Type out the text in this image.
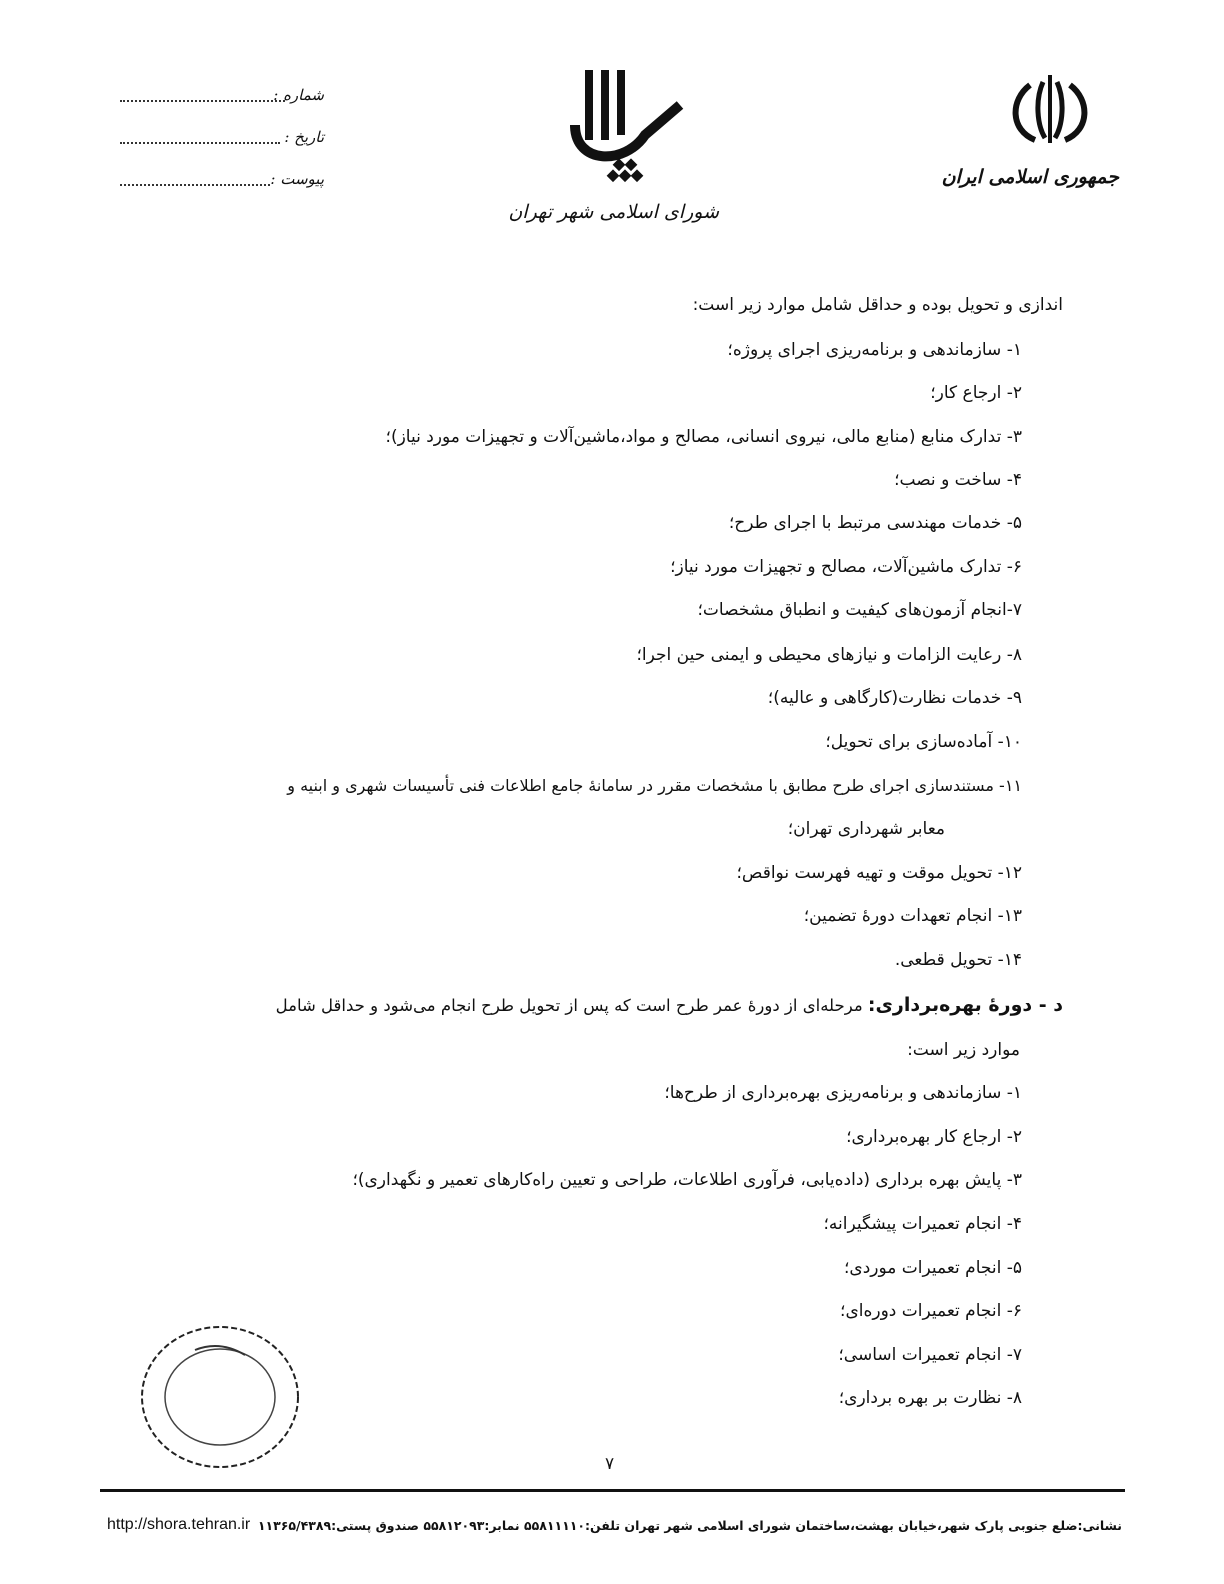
جمهوری اسلامی ایران
شورای اسلامی شهر تهران
شماره :
تاریخ :
پیوست :
اندازی و تحویل بوده و حداقل شامل موارد زیر است:
۱- سازماندهی و برنامه‌ریزی اجرای پروژه؛
۲- ارجاع کار؛
۳- تدارک منابع (منابع مالی، نیروی انسانی، مصالح و مواد،ماشین‌آلات و تجهیزات مورد نیاز)؛
۴- ساخت و نصب؛
۵- خدمات مهندسی مرتبط با اجرای طرح؛
۶- تدارک ماشین‌آلات، مصالح و تجهیزات مورد نیاز؛
۷-انجام آزمون‌های کیفیت و انطباق مشخصات؛
۸- رعایت الزامات و نیازهای محیطی و ایمنی حین اجرا؛
۹- خدمات نظارت(کارگاهی و عالیه)؛
۱۰- آماده‌سازی برای تحویل؛
۱۱- مستندسازی اجرای طرح مطابق با مشخصات مقرر در سامانهٔ جامع اطلاعات فنی تأسیسات شهری و ابنیه و
معابر شهرداری تهران؛
۱۲- تحویل موقت و تهیه فهرست نواقص؛
۱۳- انجام تعهدات دورهٔ تضمین؛
۱۴- تحویل قطعی.
د - دورهٔ بهره‌برداری: مرحله‌ای از دورهٔ عمر طرح است که پس از تحویل طرح انجام می‌شود و حداقل شامل
موارد زیر است:
۱- سازماندهی و برنامه‌ریزی بهره‌برداری از طرح‌ها؛
۲- ارجاع کار بهره‌برداری؛
۳- پایش بهره برداری (داده‌یابی، فرآوری اطلاعات، طراحی و تعیین راه‌کارهای تعمیر و نگهداری)؛
۴- انجام تعمیرات پیشگیرانه؛
۵- انجام تعمیرات موردی؛
۶- انجام تعمیرات دوره‌ای؛
۷- انجام تعمیرات اساسی؛
۸- نظارت بر بهره برداری؛
۷
نشانی:ضلع جنوبی پارک شهر،خیابان بهشت،ساختمان شورای اسلامی شهر تهران تلفن:۵۵۸۱۱۱۱۰ نمابر:۵۵۸۱۲۰۹۳ صندوق پستی:۱۱۳۶۵/۴۳۸۹
http://shora.tehran.ir
